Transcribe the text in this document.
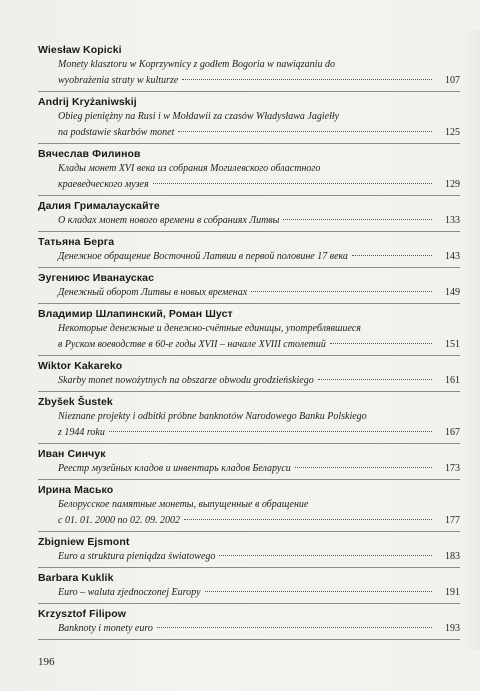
Wiesław Kopicki
Monety klasztoru w Koprzywnicy z godłem Bogoria w nawiązaniu do
wyobrażenia straty w kulturze	107
Andrij Kryżaniwskij
Obieg pieniężny na Rusi i w Mołdawii za czasów Władysława Jagiełły
na podstawie skarbów monet	125
Вячеслав Филинов
Клады монет XVI века из собрания Могилевского областного
краеведческого музея	129
Далия Грималаускайте
О кладах монет нового времени в собраниях Литвы	133
Татьяна Берга
Денежное обращение Восточной Латвии в первой половине 17 века	143
Эугениюс Иванаускас
Денежный оборот Литвы в новых временах	149
Владимир Шлапинский, Роман Шуст
Некоторые денежные и денежно-счётные единицы, употреблявшиеся
в Руском воеводстве в 60-е годы XVII – начале XVIII столетий	151
Wiktor Kakareko
Skarby monet nowożytnych na obszarze obwodu grodzieńskiego	161
Zbyšek Šustek
Nieznane projekty i odbitki próbne banknotów Narodowego Banku Polskiego
z 1944 roku	167
Иван Синчук
Реестр музейных кладов и инвентарь кладов Беларуси	173
Ирина Масько
Белорусское памятные монеты, выпущенные в обращение
с 01. 01. 2000 по 02. 09. 2002	177
Zbigniew Ejsmont
Euro a struktura pieniądza światowego	183
Barbara Kuklik
Euro – waluta zjednoczonej Europy	191
Krzysztof Filipow
Banknoty i monety euro	193
196
